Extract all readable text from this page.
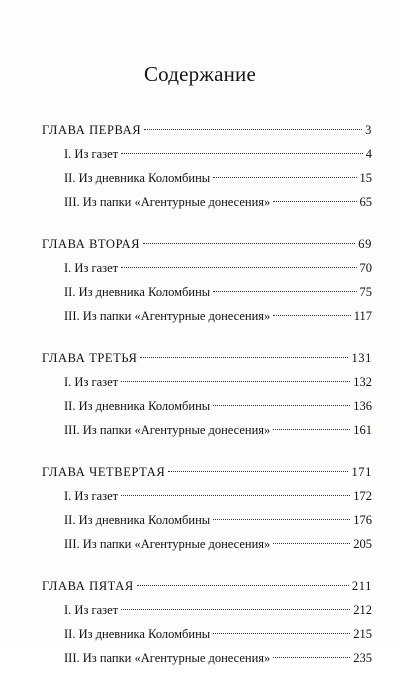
Содержание
ГЛАВА ПЕРВАЯ	3
I. Из газет	4
II. Из дневника Коломбины	15
III. Из папки «Агентурные донесения»	65
ГЛАВА ВТОРАЯ	69
I. Из газет	70
II. Из дневника Коломбины	75
III. Из папки «Агентурные донесения»	117
ГЛАВА ТРЕТЬЯ	131
I. Из газет	132
II. Из дневника Коломбины	136
III. Из папки «Агентурные донесения»	161
ГЛАВА ЧЕТВЕРТАЯ	171
I. Из газет	172
II. Из дневника Коломбины	176
III. Из папки «Агентурные донесения»	205
ГЛАВА ПЯТАЯ	211
I. Из газет	212
II. Из дневника Коломбины	215
III. Из папки «Агентурные донесения»	235
